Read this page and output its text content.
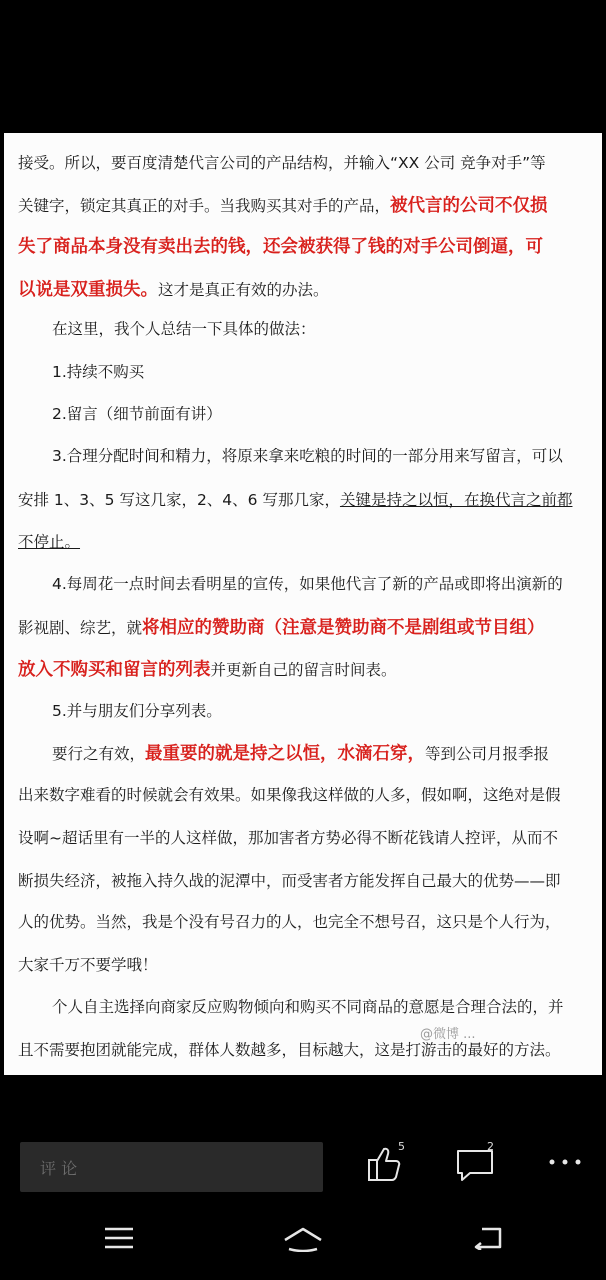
接受。所以，要百度清楚代言公司的产品结构，并输入“XX 公司 竞争对手”等
关键字，锁定其真正的对手。当我购买其对手的产品，被代言的公司不仅损
失了商品本身没有卖出去的钱，还会被获得了钱的对手公司倒逼，可
以说是双重损失。这才是真正有效的办法。
在这里，我个人总结一下具体的做法：
1.持续不购买
2.留言（细节前面有讲）
3.合理分配时间和精力，将原来拿来吃粮的时间的一部分用来写留言，可以
安排 1、3、5 写这几家，2、4、6 写那几家，关键是持之以恒，在换代言之前都
不停止。
4.每周花一点时间去看明星的宣传，如果他代言了新的产品或即将出演新的
影视剧、综艺，就将相应的赞助商（注意是赞助商不是剧组或节目组）
放入不购买和留言的列表并更新自己的留言时间表。
5.并与朋友们分享列表。
要行之有效，最重要的就是持之以恒，水滴石穿，等到公司月报季报
出来数字难看的时候就会有效果。如果像我这样做的人多，假如啊，这绝对是假
设啊~超话里有一半的人这样做，那加害者方势必得不断花钱请人控评，从而不
断损失经济，被拖入持久战的泥潭中，而受害者方能发挥自己最大的优势——即
人的优势。当然，我是个没有号召力的人，也完全不想号召，这只是个人行为，
大家千万不要学哦！
个人自主选择向商家反应购物倾向和购买不同商品的意愿是合理合法的，并
且不需要抱团就能完成，群体人数越多，目标越大，这是打游击的最好的方法。
@微博 ...
评 论
5	2
